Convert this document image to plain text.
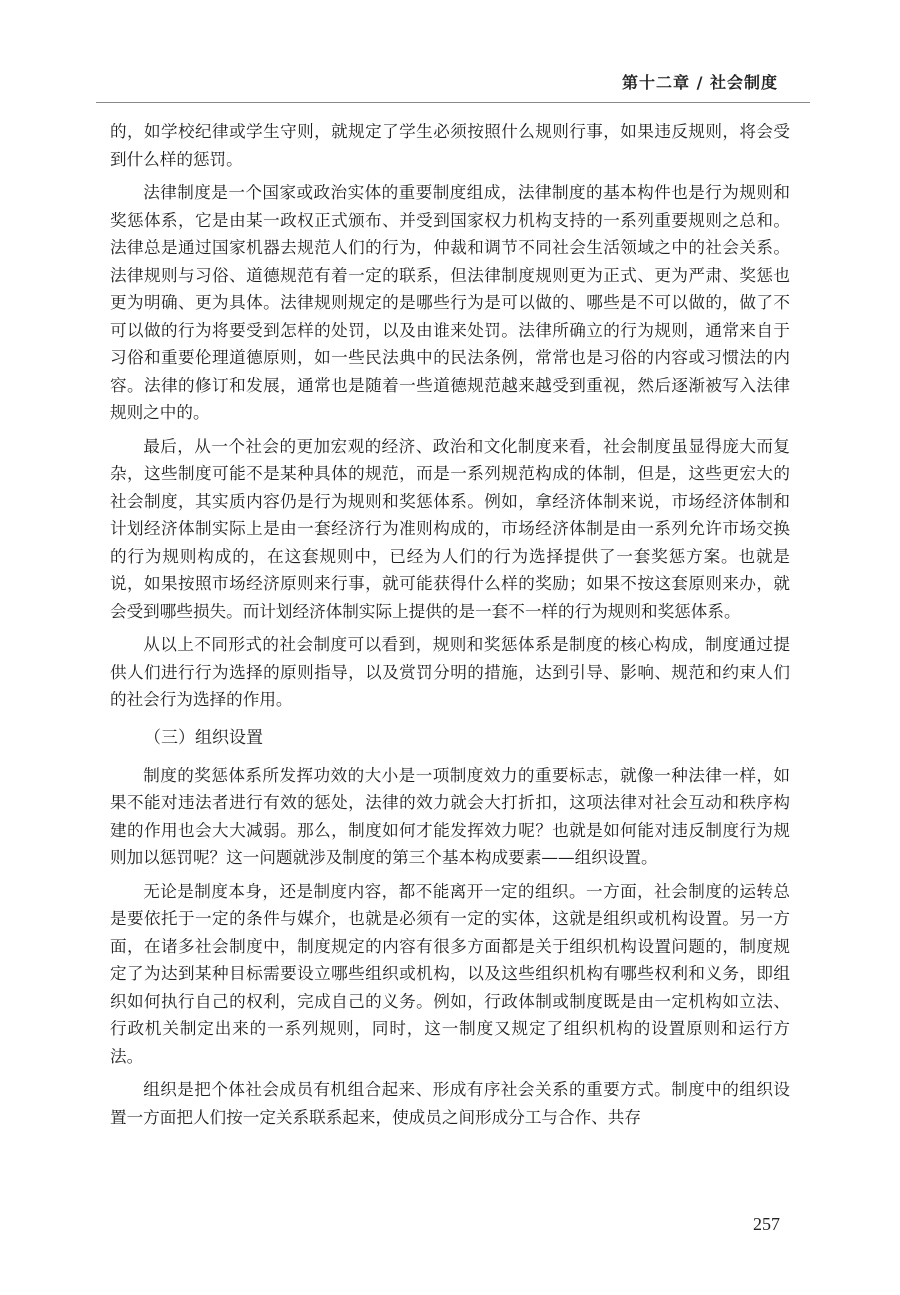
第十二章 / 社会制度

的，如学校纪律或学生守则，就规定了学生必须按照什么规则行事，如果违反规则，将会受到什么样的惩罚。

法律制度是一个国家或政治实体的重要制度组成，法律制度的基本构件也是行为规则和奖惩体系，它是由某一政权正式颁布、并受到国家权力机构支持的一系列重要规则之总和。法律总是通过国家机器去规范人们的行为，仲裁和调节不同社会生活领域之中的社会关系。法律规则与习俗、道德规范有着一定的联系，但法律制度规则更为正式、更为严肃、奖惩也更为明确、更为具体。法律规则规定的是哪些行为是可以做的、哪些是不可以做的，做了不可以做的行为将要受到怎样的处罚，以及由谁来处罚。法律所确立的行为规则，通常来自于习俗和重要伦理道德原则，如一些民法典中的民法条例，常常也是习俗的内容或习惯法的内容。法律的修订和发展，通常也是随着一些道德规范越来越受到重视，然后逐渐被写入法律规则之中的。

最后，从一个社会的更加宏观的经济、政治和文化制度来看，社会制度虽显得庞大而复杂，这些制度可能不是某种具体的规范，而是一系列规范构成的体制，但是，这些更宏大的社会制度，其实质内容仍是行为规则和奖惩体系。例如，拿经济体制来说，市场经济体制和计划经济体制实际上是由一套经济行为准则构成的，市场经济体制是由一系列允许市场交换的行为规则构成的，在这套规则中，已经为人们的行为选择提供了一套奖惩方案。也就是说，如果按照市场经济原则来行事，就可能获得什么样的奖励；如果不按这套原则来办，就会受到哪些损失。而计划经济体制实际上提供的是一套不一样的行为规则和奖惩体系。

从以上不同形式的社会制度可以看到，规则和奖惩体系是制度的核心构成，制度通过提供人们进行行为选择的原则指导，以及赏罚分明的措施，达到引导、影响、规范和约束人们的社会行为选择的作用。

（三）组织设置

制度的奖惩体系所发挥功效的大小是一项制度效力的重要标志，就像一种法律一样，如果不能对违法者进行有效的惩处，法律的效力就会大打折扣，这项法律对社会互动和秩序构建的作用也会大大减弱。那么，制度如何才能发挥效力呢？也就是如何能对违反制度行为规则加以惩罚呢？这一问题就涉及制度的第三个基本构成要素——组织设置。

无论是制度本身，还是制度内容，都不能离开一定的组织。一方面，社会制度的运转总是要依托于一定的条件与媒介，也就是必须有一定的实体，这就是组织或机构设置。另一方面，在诸多社会制度中，制度规定的内容有很多方面都是关于组织机构设置问题的，制度规定了为达到某种目标需要设立哪些组织或机构，以及这些组织机构有哪些权利和义务，即组织如何执行自己的权利，完成自己的义务。例如，行政体制或制度既是由一定机构如立法、行政机关制定出来的一系列规则，同时，这一制度又规定了组织机构的设置原则和运行方法。

组织是把个体社会成员有机组合起来、形成有序社会关系的重要方式。制度中的组织设置一方面把人们按一定关系联系起来，使成员之间形成分工与合作、共存

257
